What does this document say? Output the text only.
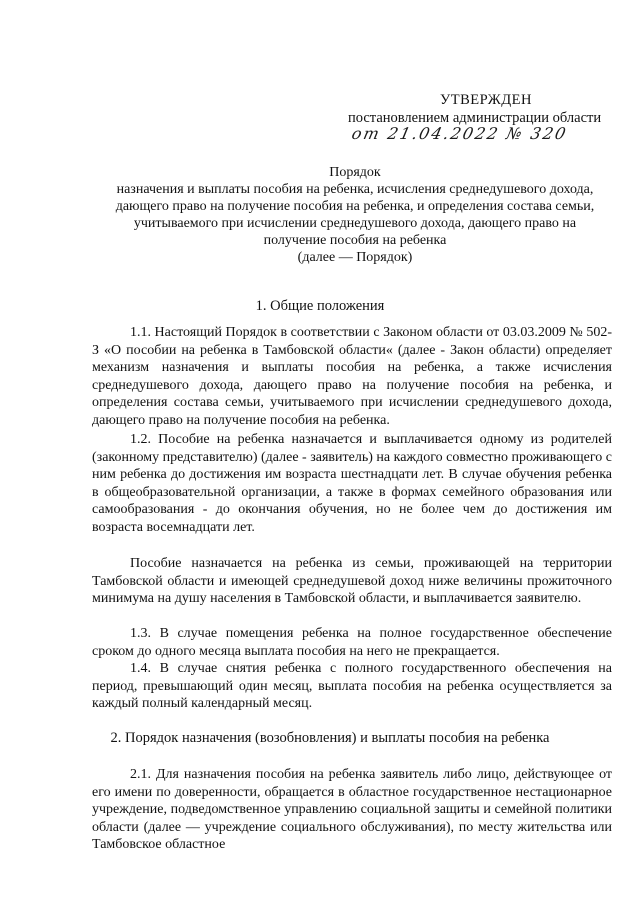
УТВЕРЖДЕН
постановлением администрации области
от 21.04.2022 № 320
Порядок
назначения и выплаты пособия на ребенка, исчисления среднедушевого дохода,
дающего право на получение пособия на ребенка, и определения состава семьи,
учитываемого при исчислении среднедушевого дохода, дающего право на
получение пособия на ребенка
(далее — Порядок)
1. Общие положения
1.1. Настоящий Порядок в соответствии с Законом области от 03.03.2009 № 502-З «О пособии на ребенка в Тамбовской области« (далее - Закон области) определяет механизм назначения и выплаты пособия на ребенка, а также исчисления среднедушевого дохода, дающего право на получение пособия на ребенка, и определения состава семьи, учитываемого при исчислении среднедушевого дохода, дающего право на получение пособия на ребенка.
1.2. Пособие на ребенка назначается и выплачивается одному из родителей (законному представителю) (далее - заявитель) на каждого совместно проживающего с ним ребенка до достижения им возраста шестнадцати лет. В случае обучения ребенка в общеобразовательной организации, а также в формах семейного образования или самообразования - до окончания обучения, но не более чем до достижения им возраста восемнадцати лет.
Пособие назначается на ребенка из семьи, проживающей на территории Тамбовской области и имеющей среднедушевой доход ниже величины прожиточного минимума на душу населения в Тамбовской области, и выплачивается заявителю.
1.3. В случае помещения ребенка на полное государственное обеспечение сроком до одного месяца выплата пособия на него не прекращается.
1.4. В случае снятия ребенка с полного государственного обеспечения на период, превышающий один месяц, выплата пособия на ребенка осуществляется за каждый полный календарный месяц.
2. Порядок назначения (возобновления) и выплаты пособия на ребенка
2.1. Для назначения пособия на ребенка заявитель либо лицо, действующее от его имени по доверенности, обращается в областное государственное нестационарное учреждение, подведомственное управлению социальной защиты и семейной политики области (далее — учреждение социального обслуживания), по месту жительства или Тамбовское областное
